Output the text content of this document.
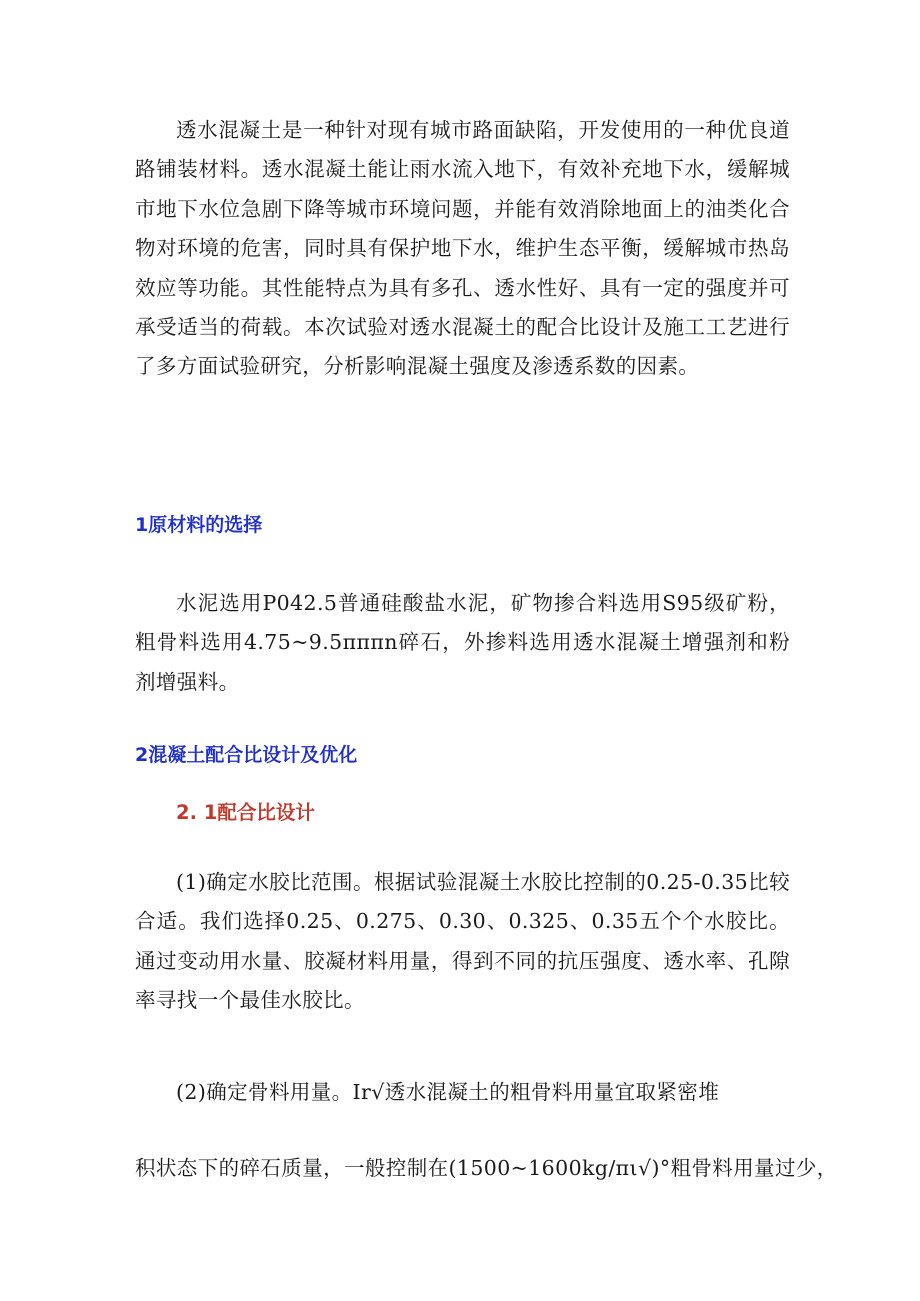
透水混凝土是一种针对现有城市路面缺陷，开发使用的一种优良道路铺装材料。透水混凝土能让雨水流入地下，有效补充地下水，缓解城市地下水位急剧下降等城市环境问题，并能有效消除地面上的油类化合物对环境的危害，同时具有保护地下水，维护生态平衡，缓解城市热岛效应等功能。其性能特点为具有多孔、透水性好、具有一定的强度并可承受适当的荷载。本次试验对透水混凝土的配合比设计及施工工艺进行了多方面试验研究，分析影响混凝土强度及渗透系数的因素。

1原材料的选择

水泥选用P042.5普通硅酸盐水泥，矿物掺合料选用S95级矿粉，粗骨料选用4.75~9.5πππn碎石，外掺料选用透水混凝土增强剂和粉剂增强料。

2混凝土配合比设计及优化
2. 1配合比设计

(1)确定水胶比范围。根据试验混凝土水胶比控制的0.25-0.35比较合适。我们选择0.25、0.275、0.30、0.325、0.35五个个水胶比。通过变动用水量、胶凝材料用量，得到不同的抗压强度、透水率、孔隙率寻找一个最佳水胶比。

(2)确定骨料用量。Ir√透水混凝土的粗骨料用量宜取紧密堆

积状态下的碎石质量，一般控制在(1500~1600kg∕πι√)°粗骨料用量过少，
